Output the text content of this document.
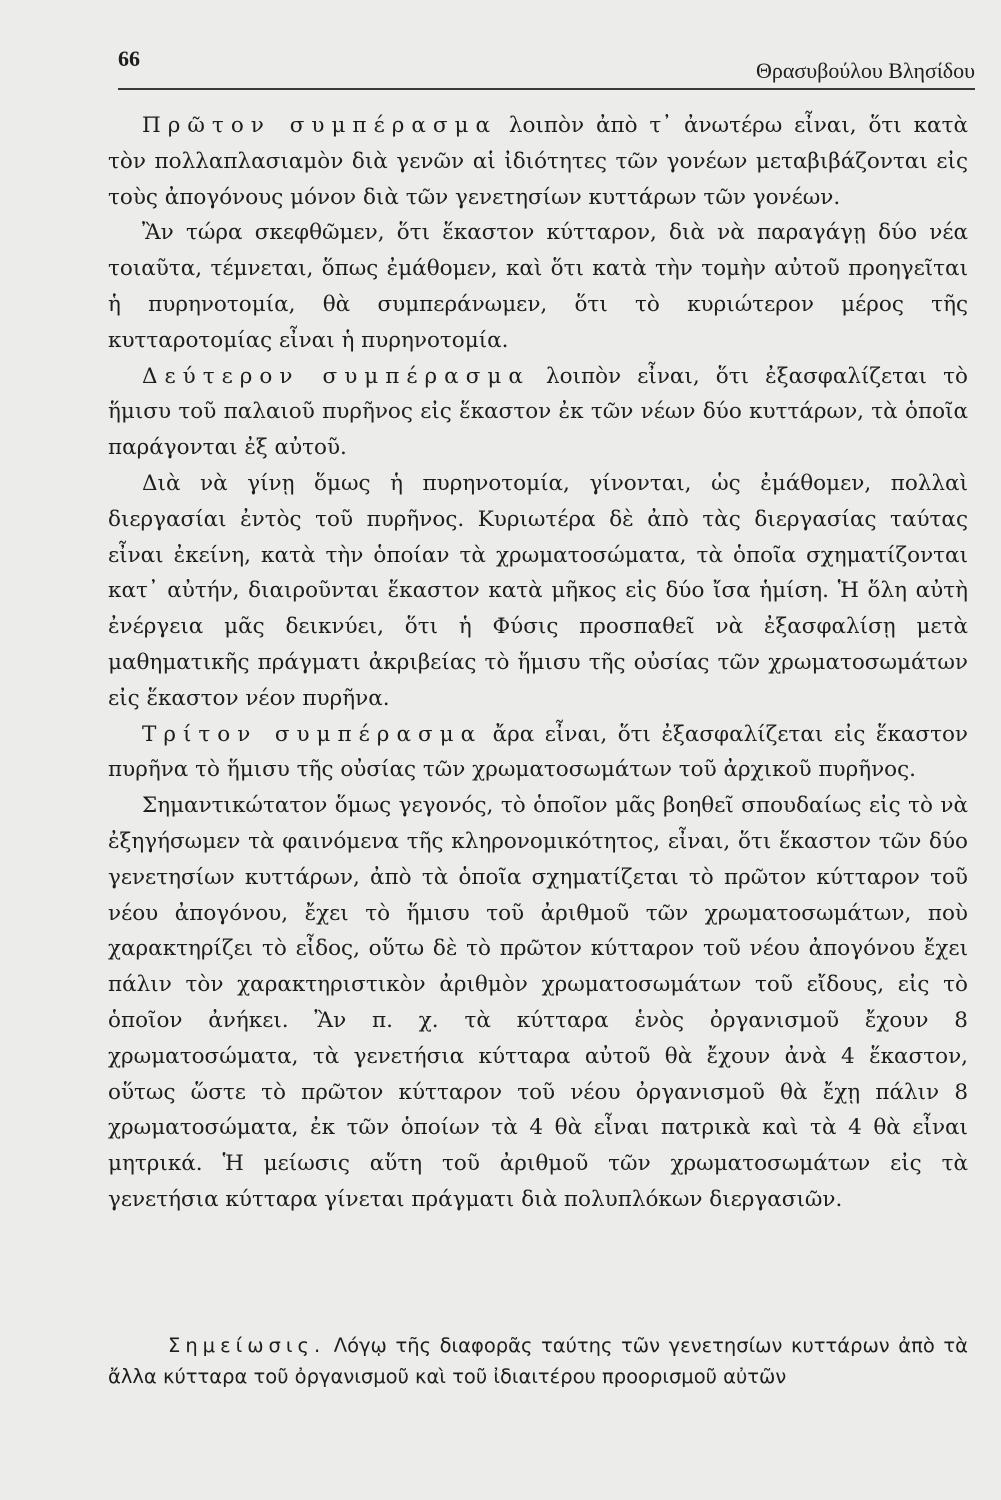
66	Θρασυβούλου Βλησίδου

Πρῶτον συμπέρασμα λοιπὸν ἀπὸ τ᾽ ἀνωτέρω εἶναι, ὅτι κατὰ τὸν πολλαπλασιαμὸν διὰ γενῶν αἱ ἰδιότητες τῶν γονέων μεταβιβάζονται εἰς τοὺς ἀπογόνους μόνον διὰ τῶν γενετησίων κυττάρων τῶν γονέων.

Ἂν τώρα σκεφθῶμεν, ὅτι ἕκαστον κύτταρον, διὰ νὰ παραγάγῃ δύο νέα τοιαῦτα, τέμνεται, ὅπως ἐμάθομεν, καὶ ὅτι κατὰ τὴν τομὴν αὐτοῦ προηγεῖται ἡ πυρηνοτομία, θὰ συμπεράνωμεν, ὅτι τὸ κυριώτερον μέρος τῆς κυτταροτομίας εἶναι ἡ πυρηνοτομία.

Δεύτερον συμπέρασμα λοιπὸν εἶναι, ὅτι ἐξασφαλίζεται τὸ ἥμισυ τοῦ παλαιοῦ πυρῆνος εἰς ἕκαστον ἐκ τῶν νέων δύο κυττάρων, τὰ ὁποῖα παράγονται ἐξ αὐτοῦ.

Διὰ νὰ γίνῃ ὅμως ἡ πυρηνοτομία, γίνονται, ὡς ἐμάθομεν, πολλαὶ διεργασίαι ἐντὸς τοῦ πυρῆνος. Κυριωτέρα δὲ ἀπὸ τὰς διεργασίας ταύτας εἶναι ἐκείνη, κατὰ τὴν ὁποίαν τὰ χρωματοσώματα, τὰ ὁποῖα σχηματίζονται κατ᾽ αὐτήν, διαιροῦνται ἕκαστον κατὰ μῆκος εἰς δύο ἴσα ἡμίση. Ἡ ὅλη αὐτὴ ἐνέργεια μᾶς δεικνύει, ὅτι ἡ Φύσις προσπαθεῖ νὰ ἐξασφαλίσῃ μετὰ μαθηματικῆς πράγματι ἀκριβείας τὸ ἥμισυ τῆς οὐσίας τῶν χρωματοσωμάτων εἰς ἕκαστον νέον πυρῆνα.

Τρίτον συμπέρασμα ἄρα εἶναι, ὅτι ἐξασφαλίζεται εἰς ἕκαστον πυρῆνα τὸ ἥμισυ τῆς οὐσίας τῶν χρωματοσωμάτων τοῦ ἀρχικοῦ πυρῆνος.

Σημαντικώτατον ὅμως γεγονός, τὸ ὁποῖον μᾶς βοηθεῖ σπουδαίως εἰς τὸ νὰ ἐξηγήσωμεν τὰ φαινόμενα τῆς κληρονομικότητος, εἶναι, ὅτι ἕκαστον τῶν δύο γενετησίων κυττάρων, ἀπὸ τὰ ὁποῖα σχηματίζεται τὸ πρῶτον κύτταρον τοῦ νέου ἀπογόνου, ἔχει τὸ ἥμισυ τοῦ ἀριθμοῦ τῶν χρωματοσωμάτων, ποὺ χαρακτηρίζει τὸ εἶδος, οὕτω δὲ τὸ πρῶτον κύτταρον τοῦ νέου ἀπογόνου ἔχει πάλιν τὸν χαρακτηριστικὸν ἀριθμὸν χρωματοσωμάτων τοῦ εἴδους, εἰς τὸ ὁποῖον ἀνήκει. Ἂν π. χ. τὰ κύτταρα ἑνὸς ὀργανισμοῦ ἔχουν 8 χρωματοσώματα, τὰ γενετήσια κύτταρα αὐτοῦ θὰ ἔχουν ἀνὰ 4 ἕκαστον, οὕτως ὥστε τὸ πρῶτον κύτταρον τοῦ νέου ὀργανισμοῦ θὰ ἔχῃ πάλιν 8 χρωματοσώματα, ἐκ τῶν ὁποίων τὰ 4 θὰ εἶναι πατρικὰ καὶ τὰ 4 θὰ εἶναι μητρικά. Ἡ μείωσις αὕτη τοῦ ἀριθμοῦ τῶν χρωματοσωμάτων εἰς τὰ γενετήσια κύτταρα γίνεται πράγματι διὰ πολυπλόκων διεργασιῶν.

Σημείωσις. Λόγῳ τῆς διαφορᾶς ταύτης τῶν γενετησίων κυττάρων ἀπὸ τὰ ἄλλα κύτταρα τοῦ ὀργανισμοῦ καὶ τοῦ ἰδιαιτέρου προορισμοῦ αὐτῶν
